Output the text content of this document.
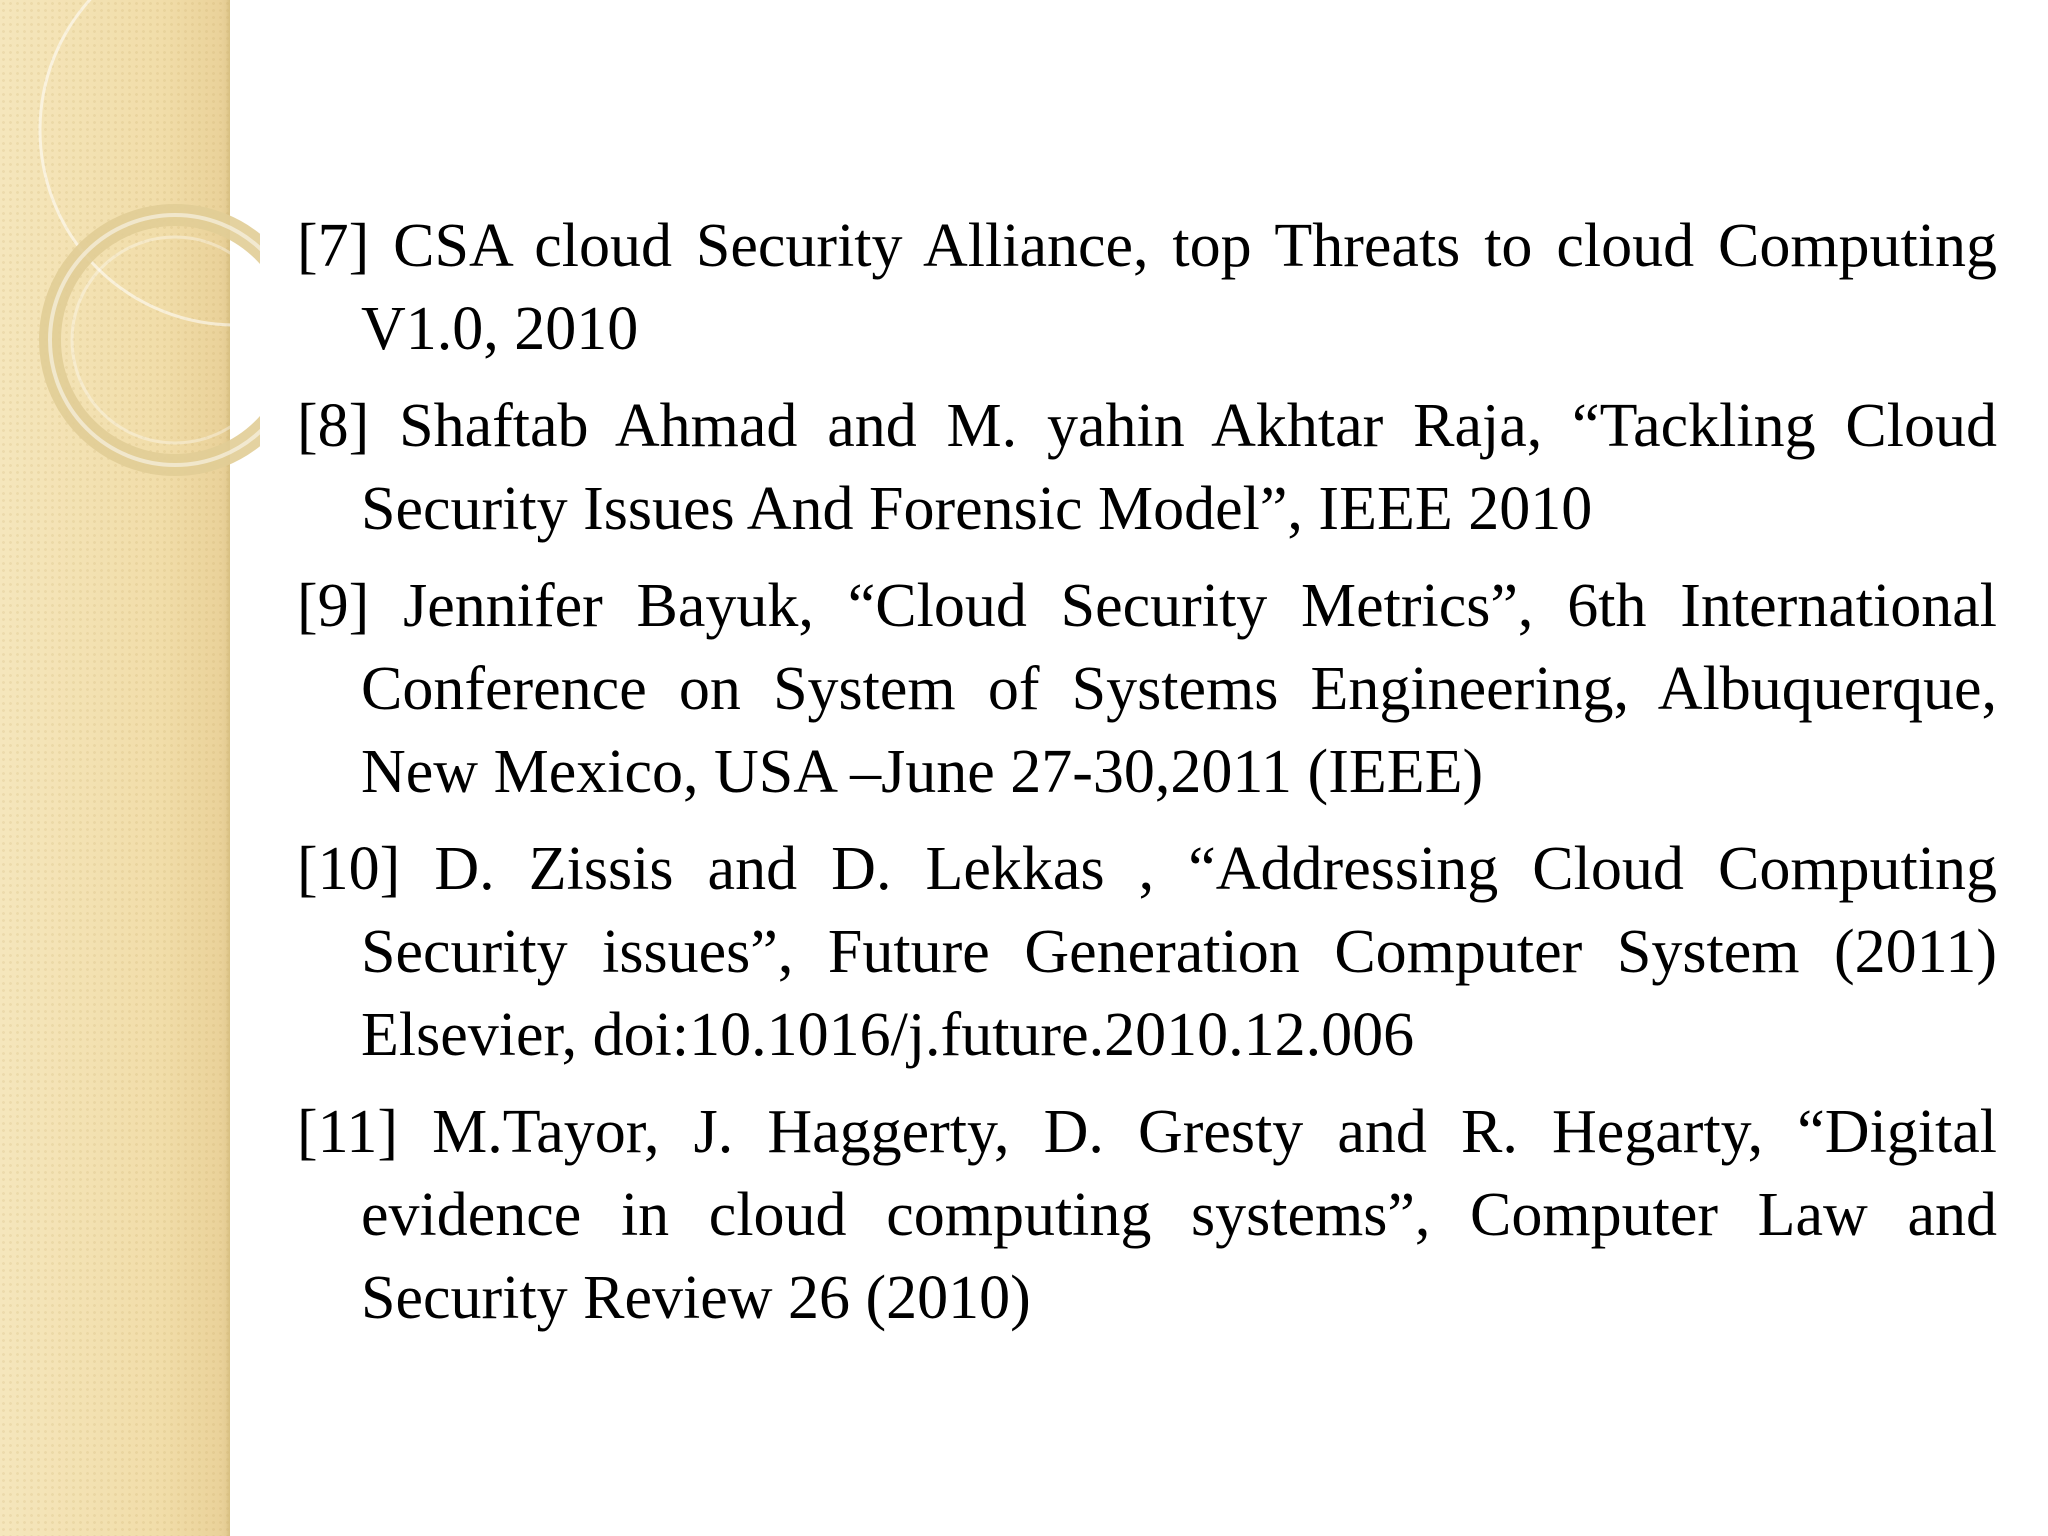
[7] CSA cloud Security Alliance, top Threats to cloud Computing V1.0, 2010

[8] Shaftab Ahmad and M. yahin Akhtar Raja, “Tackling Cloud Security Issues And Forensic Model”, IEEE 2010

[9] Jennifer Bayuk, “Cloud Security Metrics”, 6th International Conference on System of Systems Engineering, Albuquerque, New Mexico, USA –June 27-30,2011 (IEEE)

[10] D. Zissis and D. Lekkas , “Addressing Cloud Computing Security issues”, Future Generation Computer System (2011) Elsevier, doi:10.1016/j.future.2010.12.006

[11] M.Tayor, J. Haggerty, D. Gresty and R. Hegarty, “Digital evidence in cloud computing systems”, Computer Law and Security Review 26 (2010)
